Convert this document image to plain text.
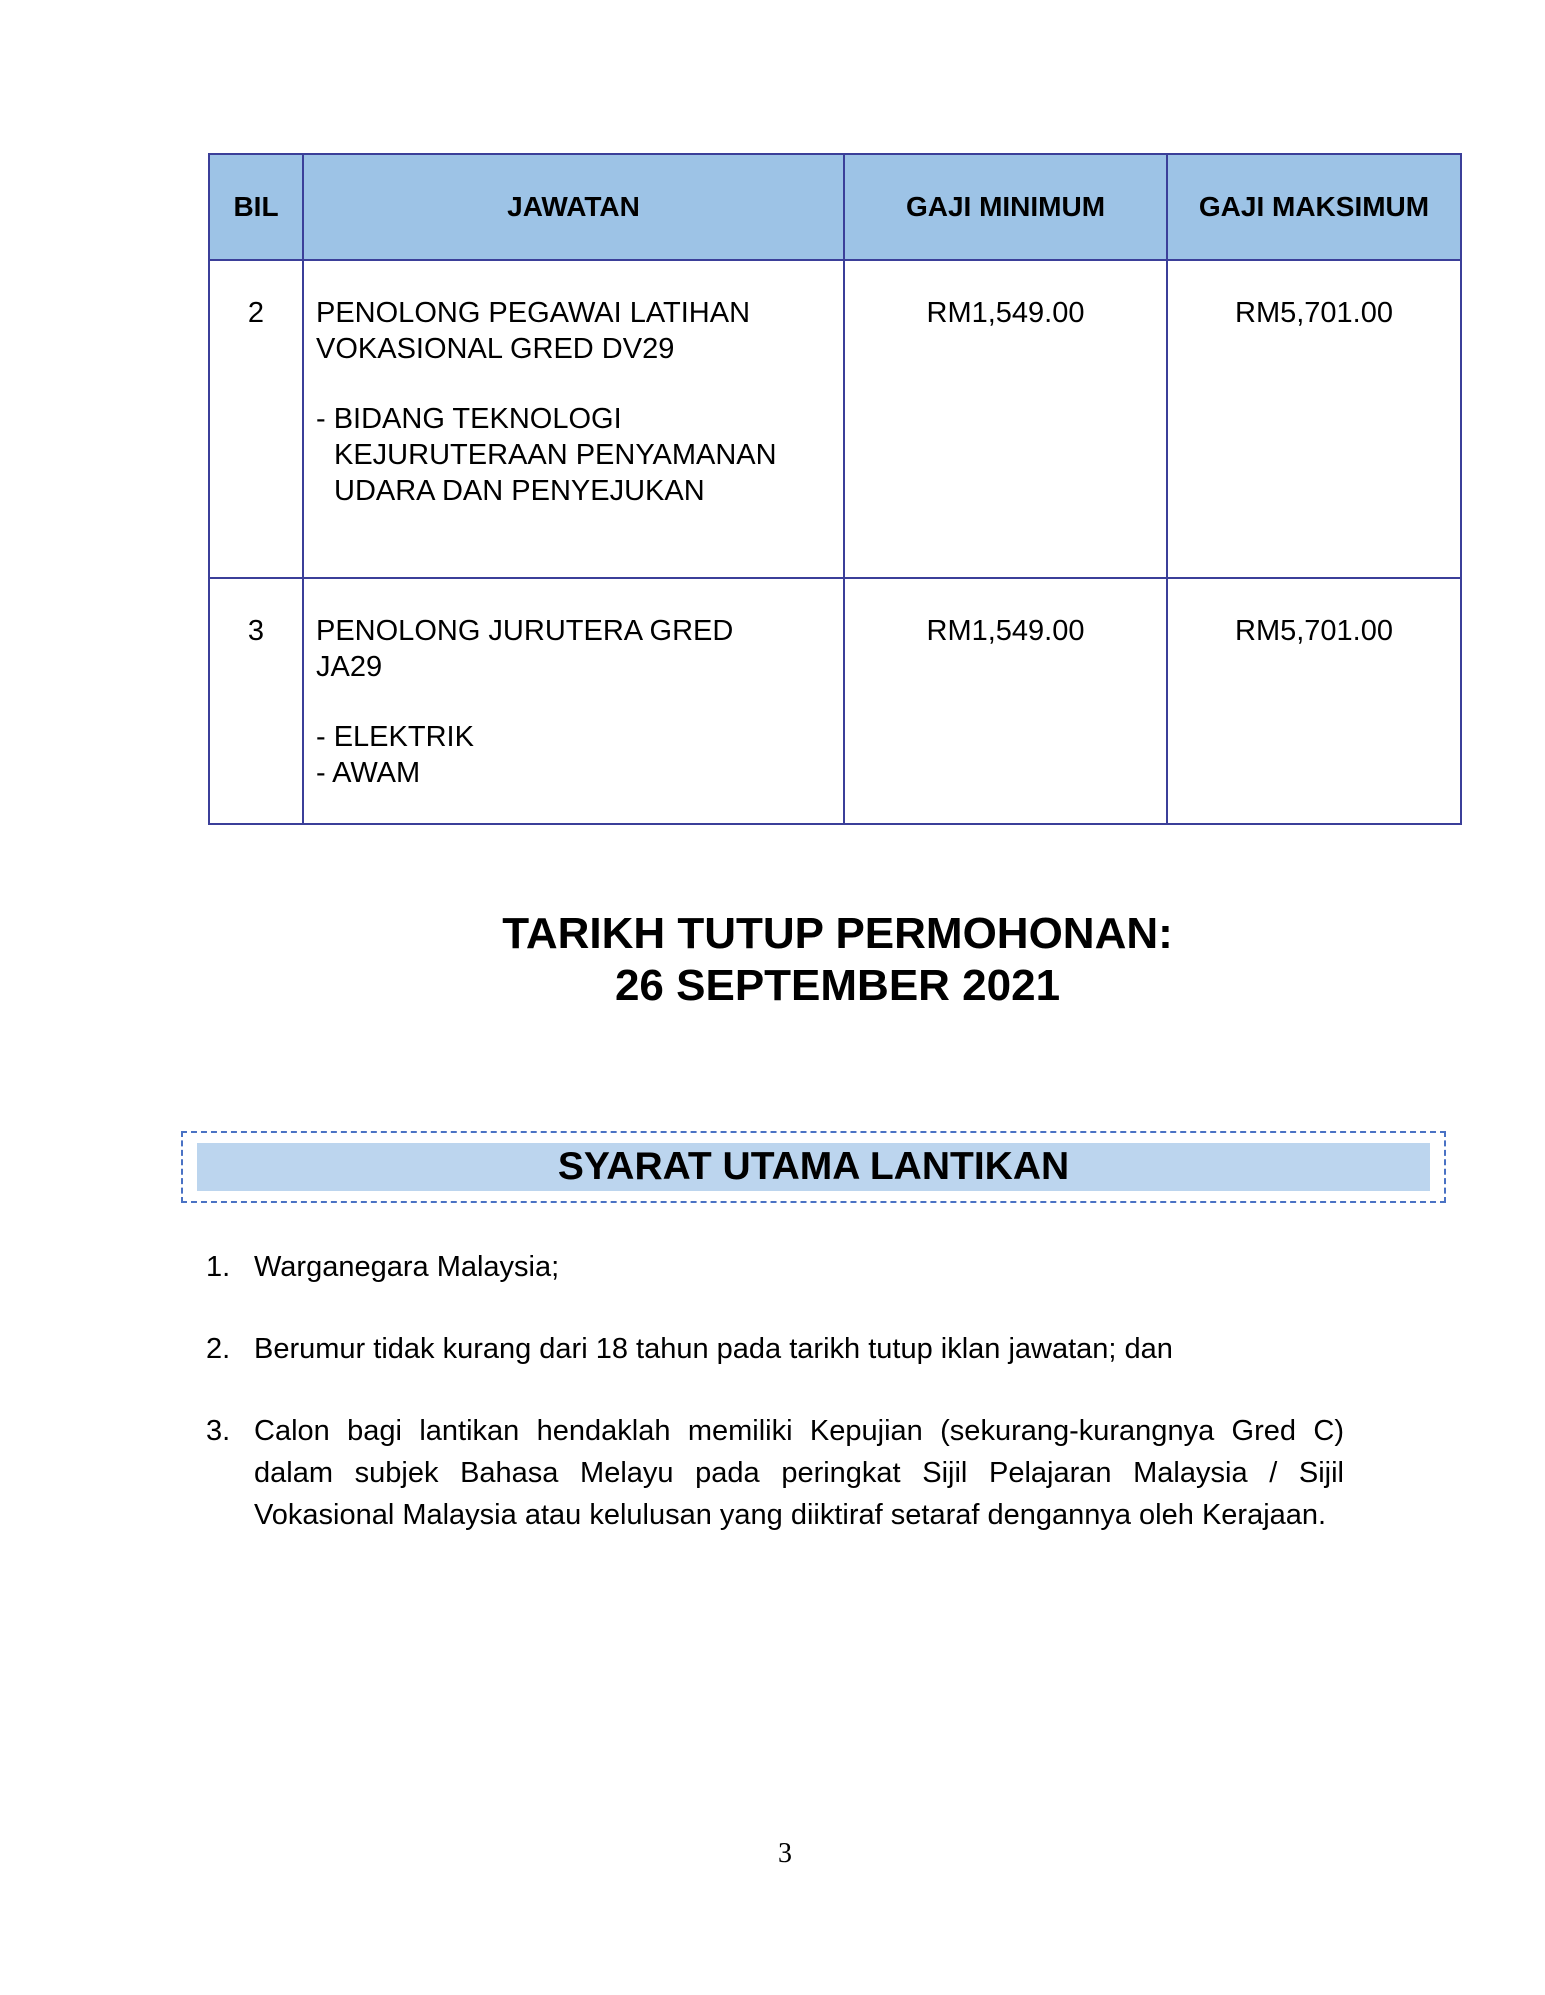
BIL	JAWATAN	GAJI MINIMUM	GAJI MAKSIMUM
2	PENOLONG PEGAWAI LATIHAN
VOKASIONAL GRED DV29
- BIDANG TEKNOLOGI
KEJURUTERAAN PENYAMANAN
UDARA DAN PENYEJUKAN	RM1,549.00	RM5,701.00
3	PENOLONG JURUTERA GRED
JA29
- ELEKTRIK
- AWAM	RM1,549.00	RM5,701.00
TARIKH TUTUP PERMOHONAN:
26 SEPTEMBER 2021
SYARAT UTAMA LANTIKAN
1. Warganegara Malaysia;
2. Berumur tidak kurang dari 18 tahun pada tarikh tutup iklan jawatan; dan
3. Calon bagi lantikan hendaklah memiliki Kepujian (sekurang-kurangnya Gred C) dalam subjek Bahasa Melayu pada peringkat Sijil Pelajaran Malaysia / Sijil Vokasional Malaysia atau kelulusan yang diiktiraf setaraf dengannya oleh Kerajaan.
3
